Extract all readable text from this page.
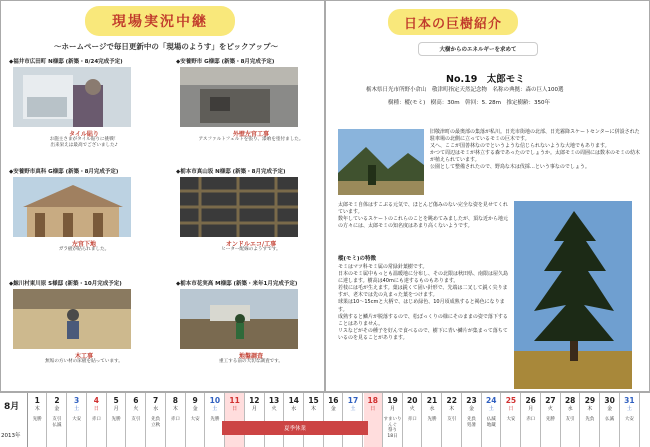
現場実況中継
～ホームページで毎日更新中の「現場のようす」をピックアップ～
◆福井市広田町 N様邸 (新築・8/24完成予定)
タイル貼り
お施主さまがタイル貼りに挑戦！
出来栄えは最高でございました♪
◆安養野市 G様邸 (新築・8月完成予定)
外壁左官工事
アスファルトフェルトを張り、漆喰を塗付ました。
◆安養野市真科 G様邸 (新築・8月完成予定)
左官下地
ガラ板が貼られました。
◆栃本市真山坂 N様邸 (新築・8月完成予定)
オンドルエコ/工事
ヒーター配線のようすです。
◆鯨川村東川原 S様邸 (新築・10月完成予定)
木工事
無垢の方い材の床板を貼っています。
◆栃本市花実高 M様邸 (新築・来年1月完成予定)
地盤調査
重工する前の大切な調査です。
日本の巨樹紹介
大樹からのエネルギーを求めて
No.19　太郎モミ
栃木県日光市所野小倉山　敬津町指定天然記念物　名称の典拠：森の巨人100選
樹種：樅(モミ)　樹高：30m　幹回：5. 28m　推定樹齢：350年
旧敬津町の最奥部の集落が私川。日光市街地の北部、日光霧降スケートセンターに併設された駐車場の北側に立っているモミの巨木です。
又へ、ここが国善林なのでというような信じられないような大地でもあります。
かつて周辺はモミが林立する森であったのでしょうか。太郎モミの周囲には数本のモミの幼木が植えられています。
公園として整備されたので、野鳥な木は伐採…という事なのでしょう。
太郎モミ自体はすこぶる元気で、ほとんど傷みのない完全な姿を見せてくれています。
数年しているスケートのこれらのことを眺めてみましたが、頂な近から地元の方々には、太郎モミの知名度はあまり高くないようです。
樅(モミ)の特徴
モミはマツ科モミ属の常緑針葉樹です。
日本のモミ属中もっとも温暖地に分布し、その北限は秋田県、南限は屋久島に達します。樹高は40mにも達するものもあります。
若枝には毛が生えます。葉は鋭くて固い針形で、先端は二叉して鋭く尖りますが、老木では先の丸まった葉をつけます。
球果は10～15cmと大柄で、はじめ緑色、10月頃成熟すると褐色になります。
成熟すると鱗片が脱落するので、松ぼっくりの様にそのままの姿で落下することはありません。
リスなどがその種子を好んで食べるので、樹下に青い鱗片が集まって落ちているのを見ることがあります。
8月
2013年
1
木
先勝
2
金
友引
仏滅
3
土
大安
4
日
赤口
5
月
先勝
6
火
友引
7
水
先負
立秋
8
木
赤口
9
金
大安
10
土
先勝
11
日
12
月
13
火
14
水
15
木
16
金
17
土
18
日
19
月
すまいりんぐ
祭り
18日
20
火
赤口
21
水
先勝
22
木
友引
23
金
先負
処暑
24
土
仏滅
地蔵
25
日
大安
26
月
赤口
27
火
先勝
28
水
友引
29
木
先負
30
金
仏滅
31
土
大安
夏季休業
